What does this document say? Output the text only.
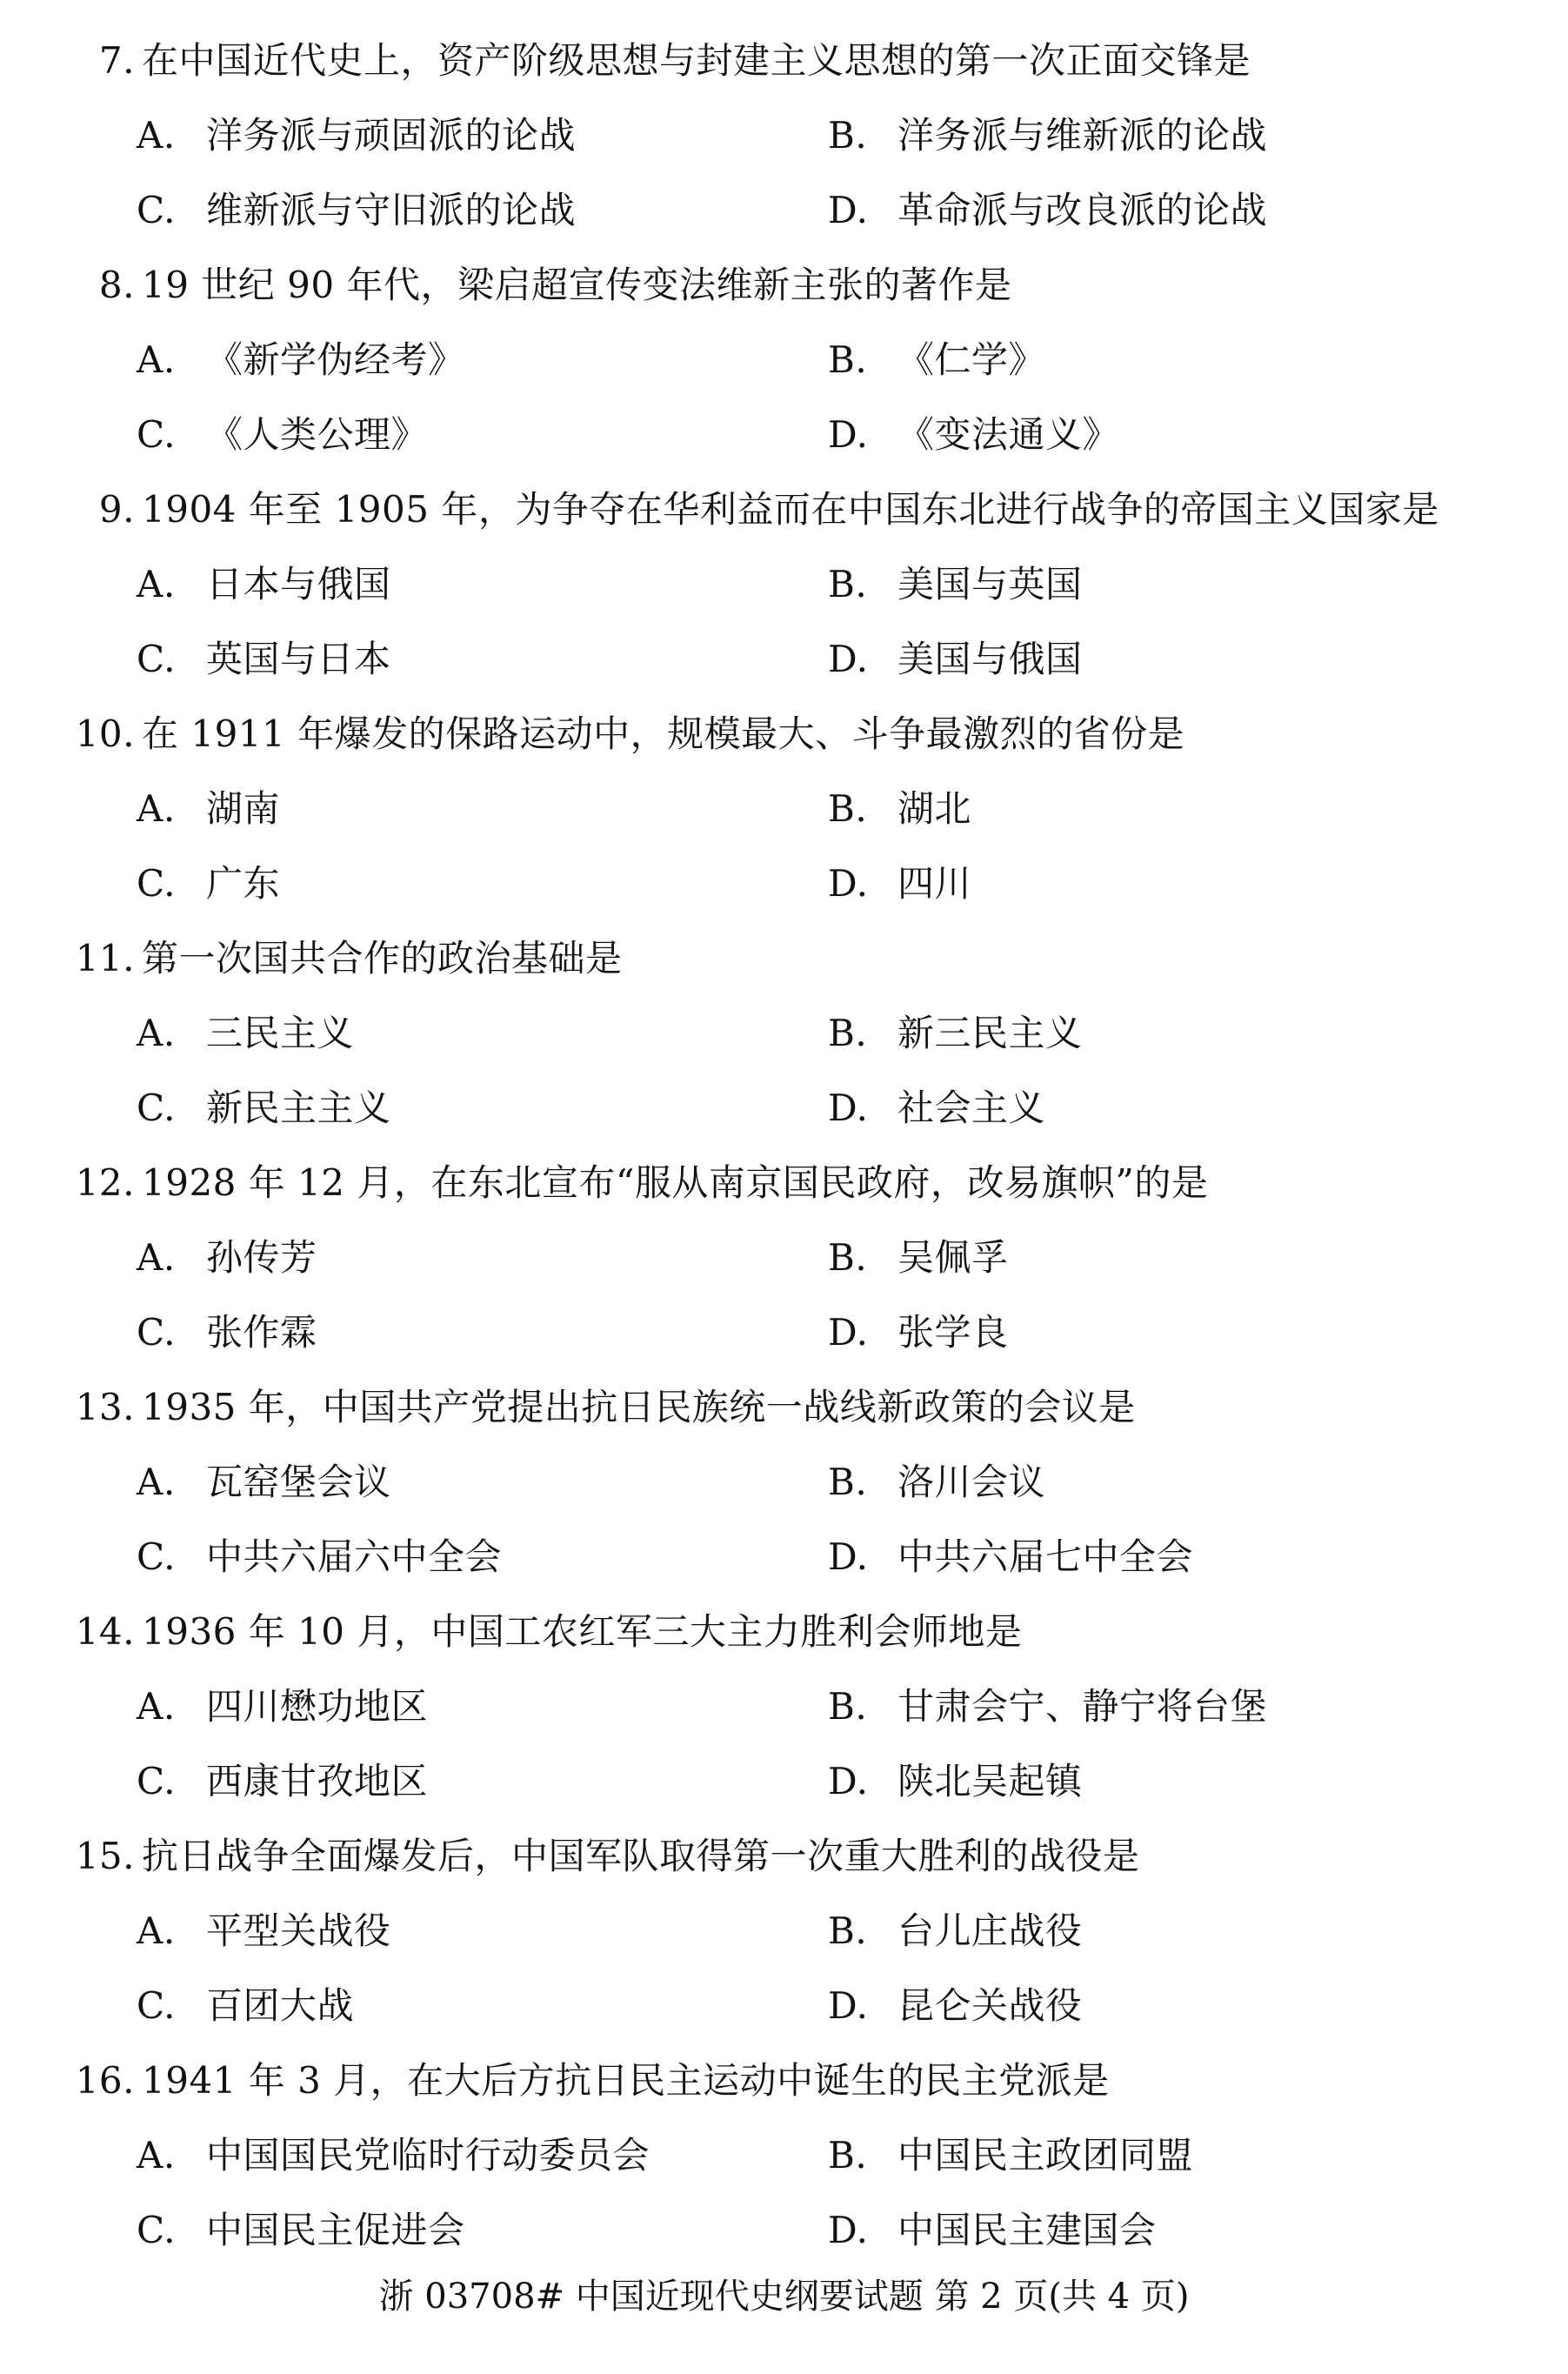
7. 在中国近代史上，资产阶级思想与封建主义思想的第一次正面交锋是
A. 洋务派与顽固派的论战	B. 洋务派与维新派的论战
C. 维新派与守旧派的论战	D. 革命派与改良派的论战
8. 19 世纪 90 年代，梁启超宣传变法维新主张的著作是
A. 《新学伪经考》	B. 《仁学》
C. 《人类公理》	D. 《变法通义》
9. 1904 年至 1905 年，为争夺在华利益而在中国东北进行战争的帝国主义国家是
A. 日本与俄国	B. 美国与英国
C. 英国与日本	D. 美国与俄国
10. 在 1911 年爆发的保路运动中，规模最大、斗争最激烈的省份是
A. 湖南	B. 湖北
C. 广东	D. 四川
11. 第一次国共合作的政治基础是
A. 三民主义	B. 新三民主义
C. 新民主主义	D. 社会主义
12. 1928 年 12 月，在东北宣布“服从南京国民政府，改易旗帜”的是
A. 孙传芳	B. 吴佩孚
C. 张作霖	D. 张学良
13. 1935 年，中国共产党提出抗日民族统一战线新政策的会议是
A. 瓦窑堡会议	B. 洛川会议
C. 中共六届六中全会	D. 中共六届七中全会
14. 1936 年 10 月，中国工农红军三大主力胜利会师地是
A. 四川懋功地区	B. 甘肃会宁、静宁将台堡
C. 西康甘孜地区	D. 陕北吴起镇
15. 抗日战争全面爆发后，中国军队取得第一次重大胜利的战役是
A. 平型关战役	B. 台儿庄战役
C. 百团大战	D. 昆仑关战役
16. 1941 年 3 月，在大后方抗日民主运动中诞生的民主党派是
A. 中国国民党临时行动委员会	B. 中国民主政团同盟
C. 中国民主促进会	D. 中国民主建国会
浙 03708# 中国近现代史纲要试题 第 2 页(共 4 页)
